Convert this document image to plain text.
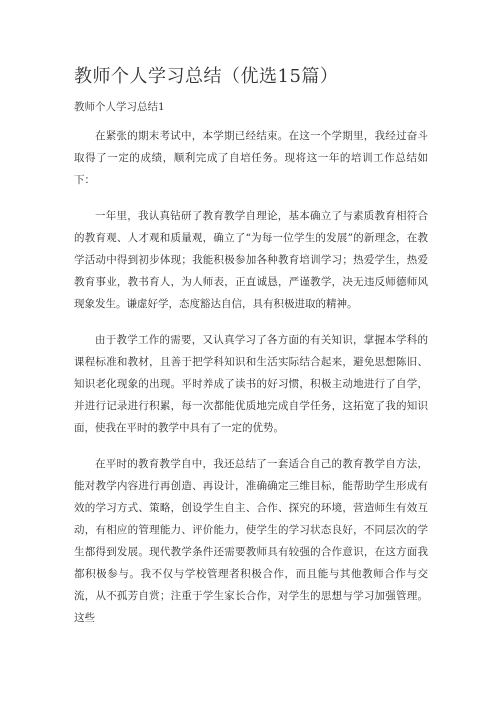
教师个人学习总结（优选15篇）
教师个人学习总结1

在紧张的期末考试中，本学期已经结束。在这一个学期里，我经过奋斗取得了一定的成绩，顺利完成了自培任务。现将这一年的培训工作总结如下：

一年里，我认真钻研了教育教学自理论，基本确立了与素质教育相符合的教育观、人才观和质量观，确立了“为每一位学生的发展”的新理念，在教学活动中得到初步体现；我能积极参加各种教育培训学习；热爱学生，热爱教育事业，教书育人，为人师表，正直诚恳，严谨教学，决无违反师德师风现象发生。谦虚好学，态度豁达自信，具有积极进取的精神。

由于教学工作的需要，又认真学习了各方面的有关知识，掌握本学科的课程标准和教材，且善于把学科知识和生活实际结合起来，避免思想陈旧、知识老化现象的出现。平时养成了读书的好习惯，积极主动地进行了自学，并进行记录进行积累，每一次都能优质地完成自学任务，这拓宽了我的知识面，使我在平时的教学中具有了一定的优势。

在平时的教育教学自中，我还总结了一套适合自己的教育教学自方法，能对教学内容进行再创造、再设计，准确确定三维目标，能帮助学生形成有效的学习方式、策略，创设学生自主、合作、探究的环境，营造师生有效互动，有相应的管理能力、评价能力，使学生的学习状态良好，不同层次的学生都得到发展。现代教学条件还需要教师具有较强的合作意识，在这方面我都积极参与。我不仅与学校管理者积极合作，而且能与其他教师合作与交流，从不孤芳自赏；注重于学生家长合作，对学生的思想与学习加强管理。这些
